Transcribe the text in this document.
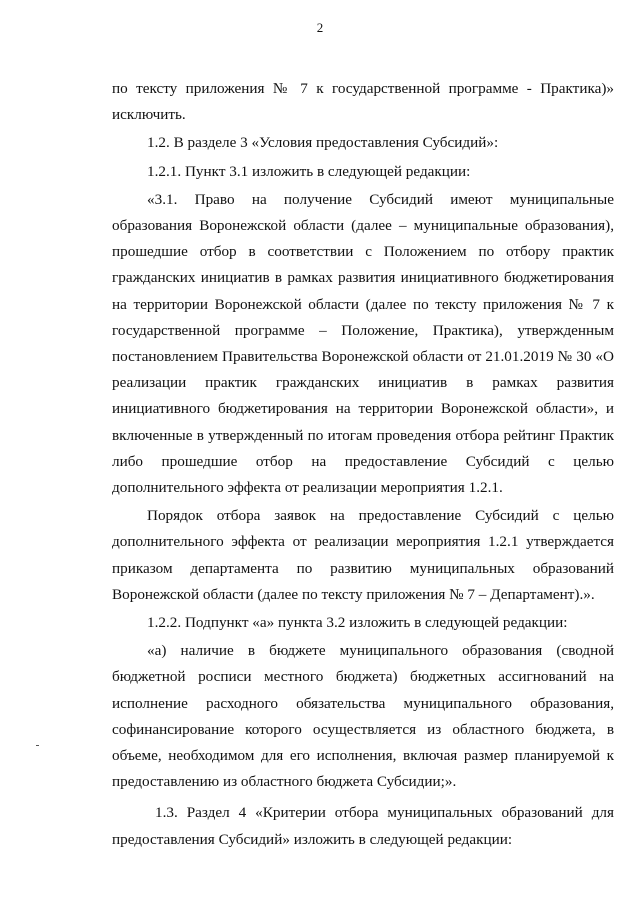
2

по тексту приложения № 7 к государственной программе - Практика)» исключить.

1.2. В разделе 3 «Условия предоставления Субсидий»:

1.2.1. Пункт 3.1 изложить в следующей редакции:

«3.1. Право на получение Субсидий имеют муниципальные образования Воронежской области (далее – муниципальные образования), прошедшие отбор в соответствии с Положением по отбору практик гражданских инициатив в рамках развития инициативного бюджетирования на территории Воронежской области (далее по тексту приложения № 7 к государственной программе – Положение, Практика), утвержденным постановлением Правительства Воронежской области от 21.01.2019 № 30 «О реализации практик гражданских инициатив в рамках развития инициативного бюджетирования на территории Воронежской области», и включенные в утвержденный по итогам проведения отбора рейтинг Практик либо прошедшие отбор на предоставление Субсидий с целью дополнительного эффекта от реализации мероприятия 1.2.1.

Порядок отбора заявок на предоставление Субсидий с целью дополнительного эффекта от реализации мероприятия 1.2.1 утверждается приказом департамента по развитию муниципальных образований Воронежской области (далее по тексту приложения № 7 – Департамент).».

1.2.2. Подпункт «а» пункта 3.2 изложить в следующей редакции:

«а) наличие в бюджете муниципального образования (сводной бюджетной росписи местного бюджета) бюджетных ассигнований на исполнение расходного обязательства муниципального образования, софинансирование которого осуществляется из областного бюджета, в объеме, необходимом для его исполнения, включая размер планируемой к предоставлению из областного бюджета Субсидии;».

1.3. Раздел 4 «Критерии отбора муниципальных образований для предоставления Субсидий» изложить в следующей редакции:
